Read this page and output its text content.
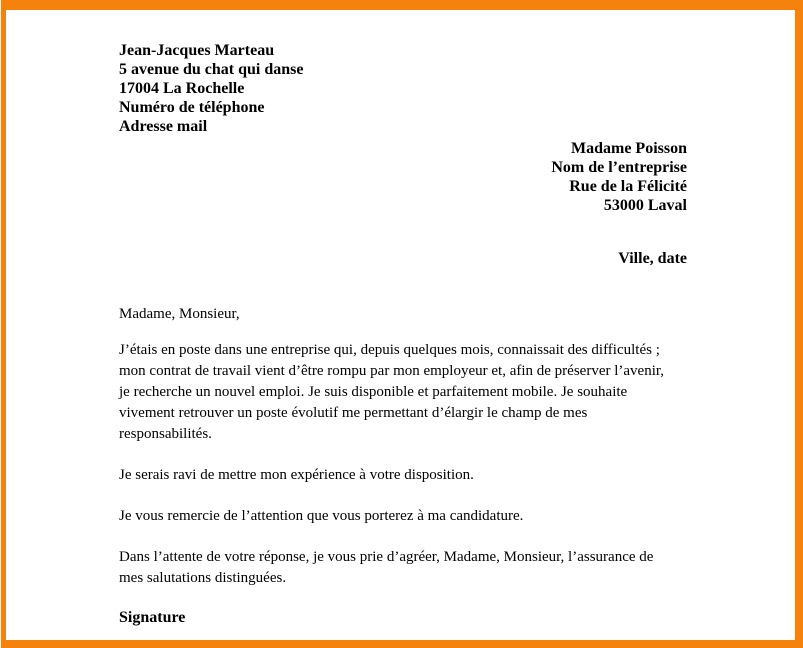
Jean-Jacques Marteau
5 avenue du chat qui danse
17004 La Rochelle
Numéro de téléphone
Adresse mail
Madame Poisson
Nom de l’entreprise
Rue de la Félicité
53000 Laval
Ville, date
Madame, Monsieur,

J’étais en poste dans une entreprise qui, depuis quelques mois, connaissait des difficultés ; mon contrat de travail vient d’être rompu par mon employeur et, afin de préserver l’avenir, je recherche un nouvel emploi. Je suis disponible et parfaitement mobile. Je souhaite vivement retrouver un poste évolutif me permettant d’élargir le champ de mes responsabilités.

Je serais ravi de mettre mon expérience à votre disposition.

Je vous remercie de l’attention que vous porterez à ma candidature.

Dans l’attente de votre réponse, je vous prie d’agréer, Madame, Monsieur, l’assurance de mes salutations distinguées.

Signature
